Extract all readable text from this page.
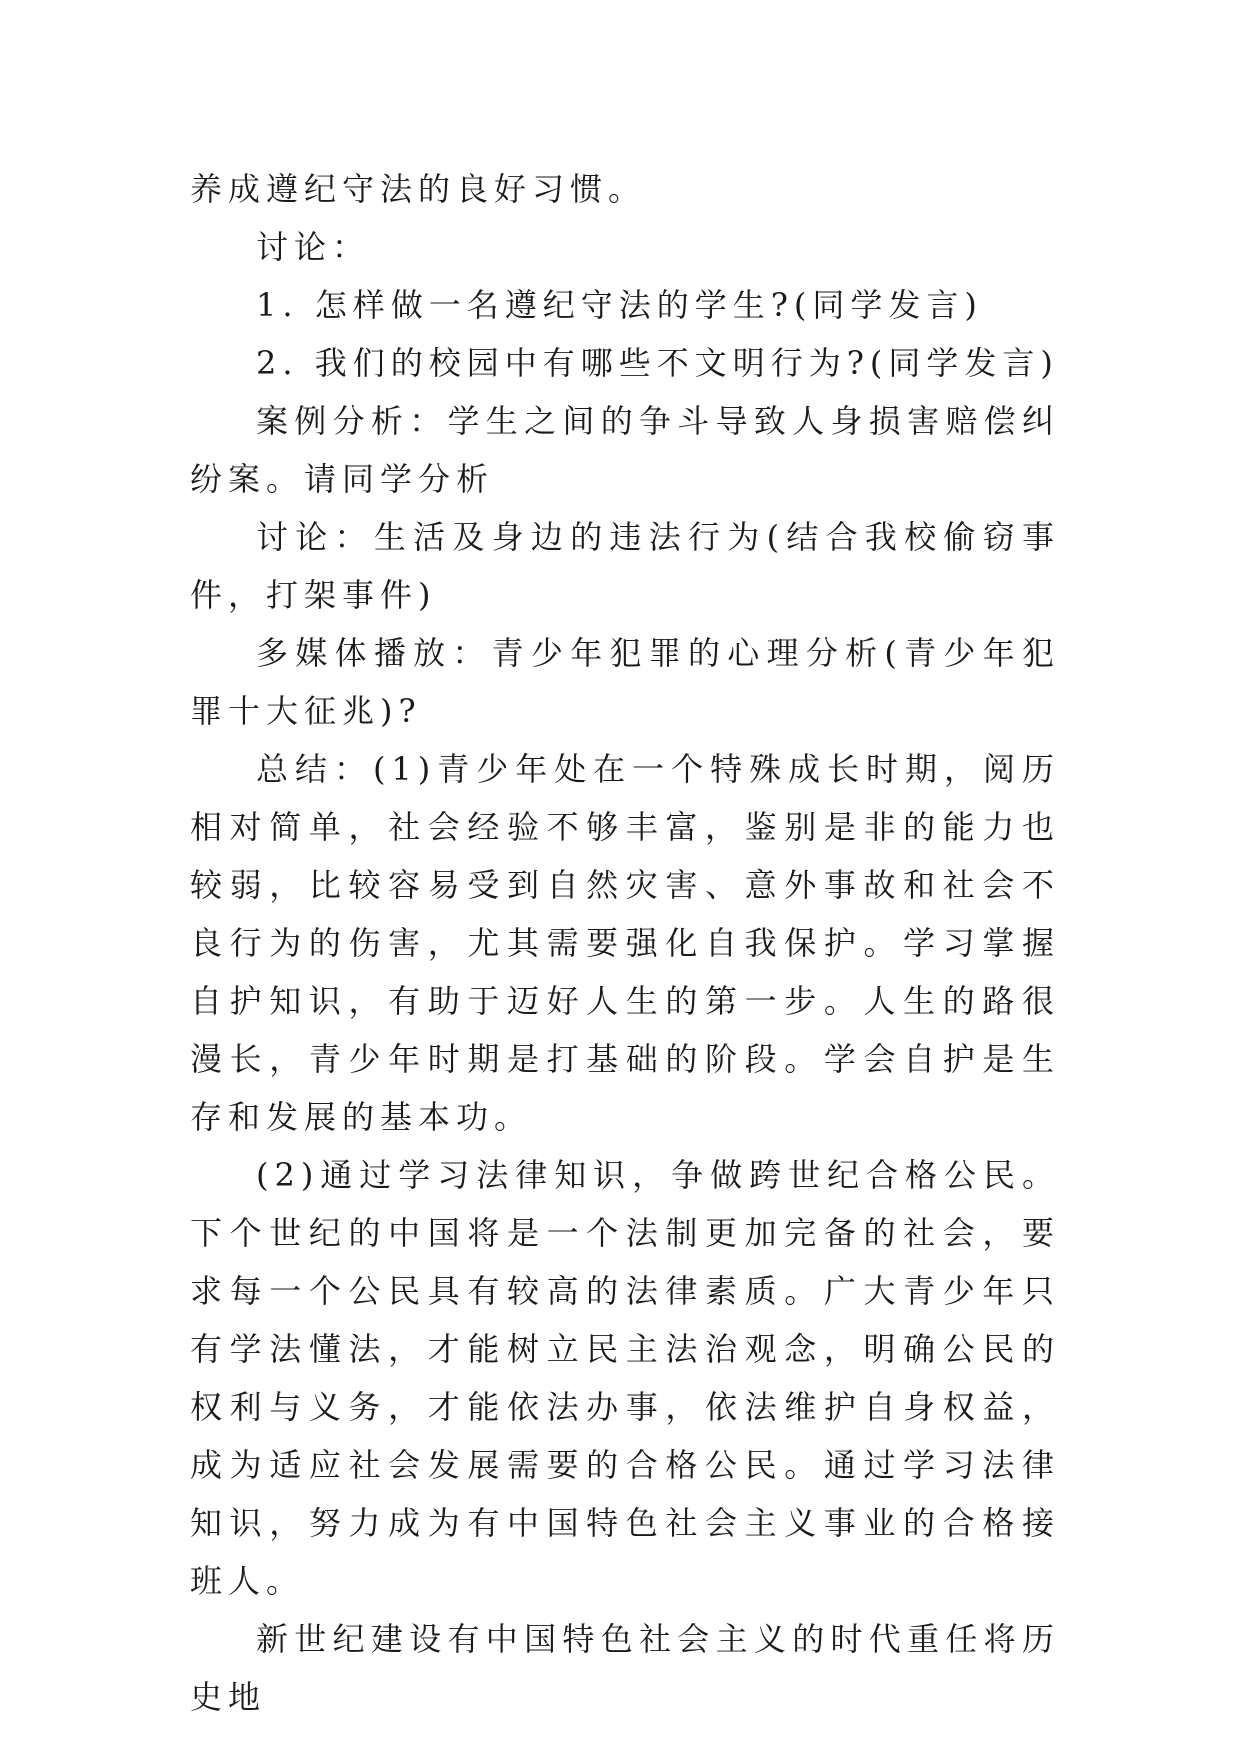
养成遵纪守法的良好习惯。

讨论：

1. 怎样做一名遵纪守法的学生?(同学发言)

2. 我们的校园中有哪些不文明行为?(同学发言)

案例分析：学生之间的争斗导致人身损害赔偿纠纷案。请同学分析

讨论：生活及身边的违法行为(结合我校偷窃事件，打架事件)

多媒体播放：青少年犯罪的心理分析(青少年犯罪十大征兆)?

总结：(1)青少年处在一个特殊成长时期，阅历相对简单，社会经验不够丰富，鉴别是非的能力也较弱，比较容易受到自然灾害、意外事故和社会不良行为的伤害，尤其需要强化自我保护。学习掌握自护知识，有助于迈好人生的第一步。人生的路很漫长，青少年时期是打基础的阶段。学会自护是生存和发展的基本功。

(2)通过学习法律知识，争做跨世纪合格公民。下个世纪的中国将是一个法制更加完备的社会，要求每一个公民具有较高的法律素质。广大青少年只有学法懂法，才能树立民主法治观念，明确公民的权利与义务，才能依法办事，依法维护自身权益，成为适应社会发展需要的合格公民。通过学习法律知识，努力成为有中国特色社会主义事业的合格接班人。

新世纪建设有中国特色社会主义的时代重任将历史地
